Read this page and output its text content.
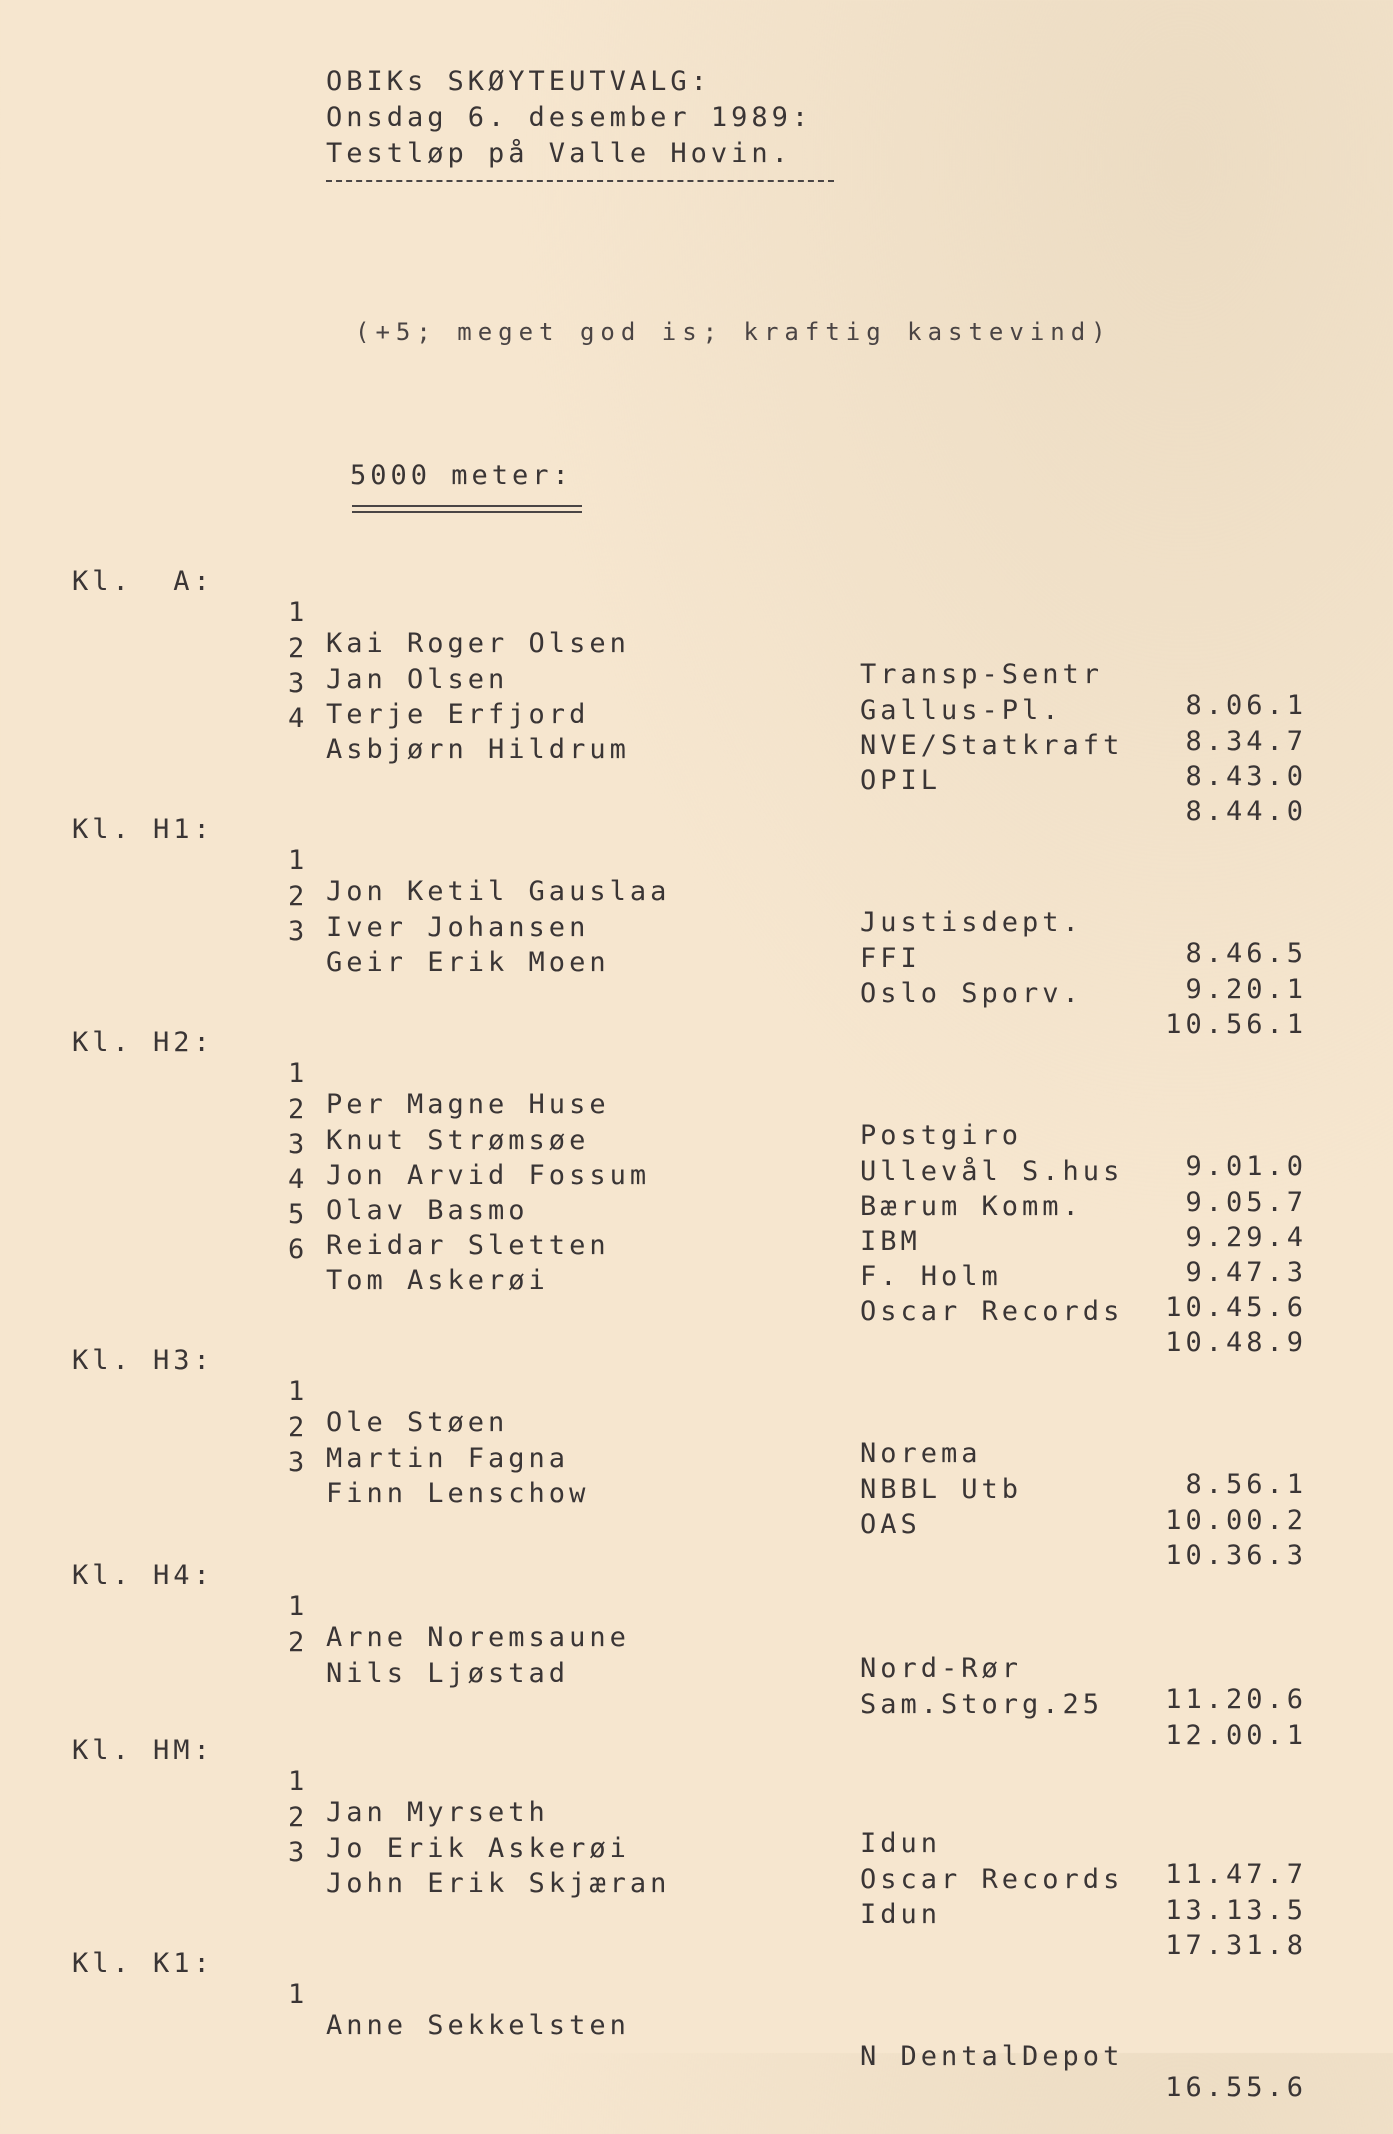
OBIKs SKØYTEUTVALG:
Onsdag 6. desember 1989:
Testløp på Valle Hovin.
(+5; meget god is; kraftig kastevind)
5000 meter:
Kl.  A:

1

Kai Roger Olsen

Transp-Sentr

8.06.1

2

Jan Olsen

Gallus-Pl.

8.34.7

3

Terje Erfjord

NVE/Statkraft

8.43.0

4

Asbjørn Hildrum

OPIL

8.44.0

Kl. H1:

1

Jon Ketil Gauslaa

Justisdept.

8.46.5

2

Iver Johansen

FFI

9.20.1

3

Geir Erik Moen

Oslo Sporv.

10.56.1

Kl. H2:

1

Per Magne Huse

Postgiro

9.01.0

2

Knut Strømsøe

Ullevål S.hus

9.05.7

3

Jon Arvid Fossum

Bærum Komm.

9.29.4

4

Olav Basmo

IBM

9.47.3

5

Reidar Sletten

F. Holm

10.45.6

6

Tom Askerøi

Oscar Records

10.48.9

Kl. H3:

1

Ole Støen

Norema

8.56.1

2

Martin Fagna

NBBL Utb

10.00.2

3

Finn Lenschow

OAS

10.36.3

Kl. H4:

1

Arne Noremsaune

Nord-Rør

11.20.6

2

Nils Ljøstad

Sam.Storg.25

12.00.1

Kl. HM:

1

Jan Myrseth

Idun

11.47.7

2

Jo Erik Askerøi

Oscar Records

13.13.5

3

John Erik Skjæran

Idun

17.31.8

Kl. K1:

1

Anne Sekkelsten

N DentalDepot

16.55.6
